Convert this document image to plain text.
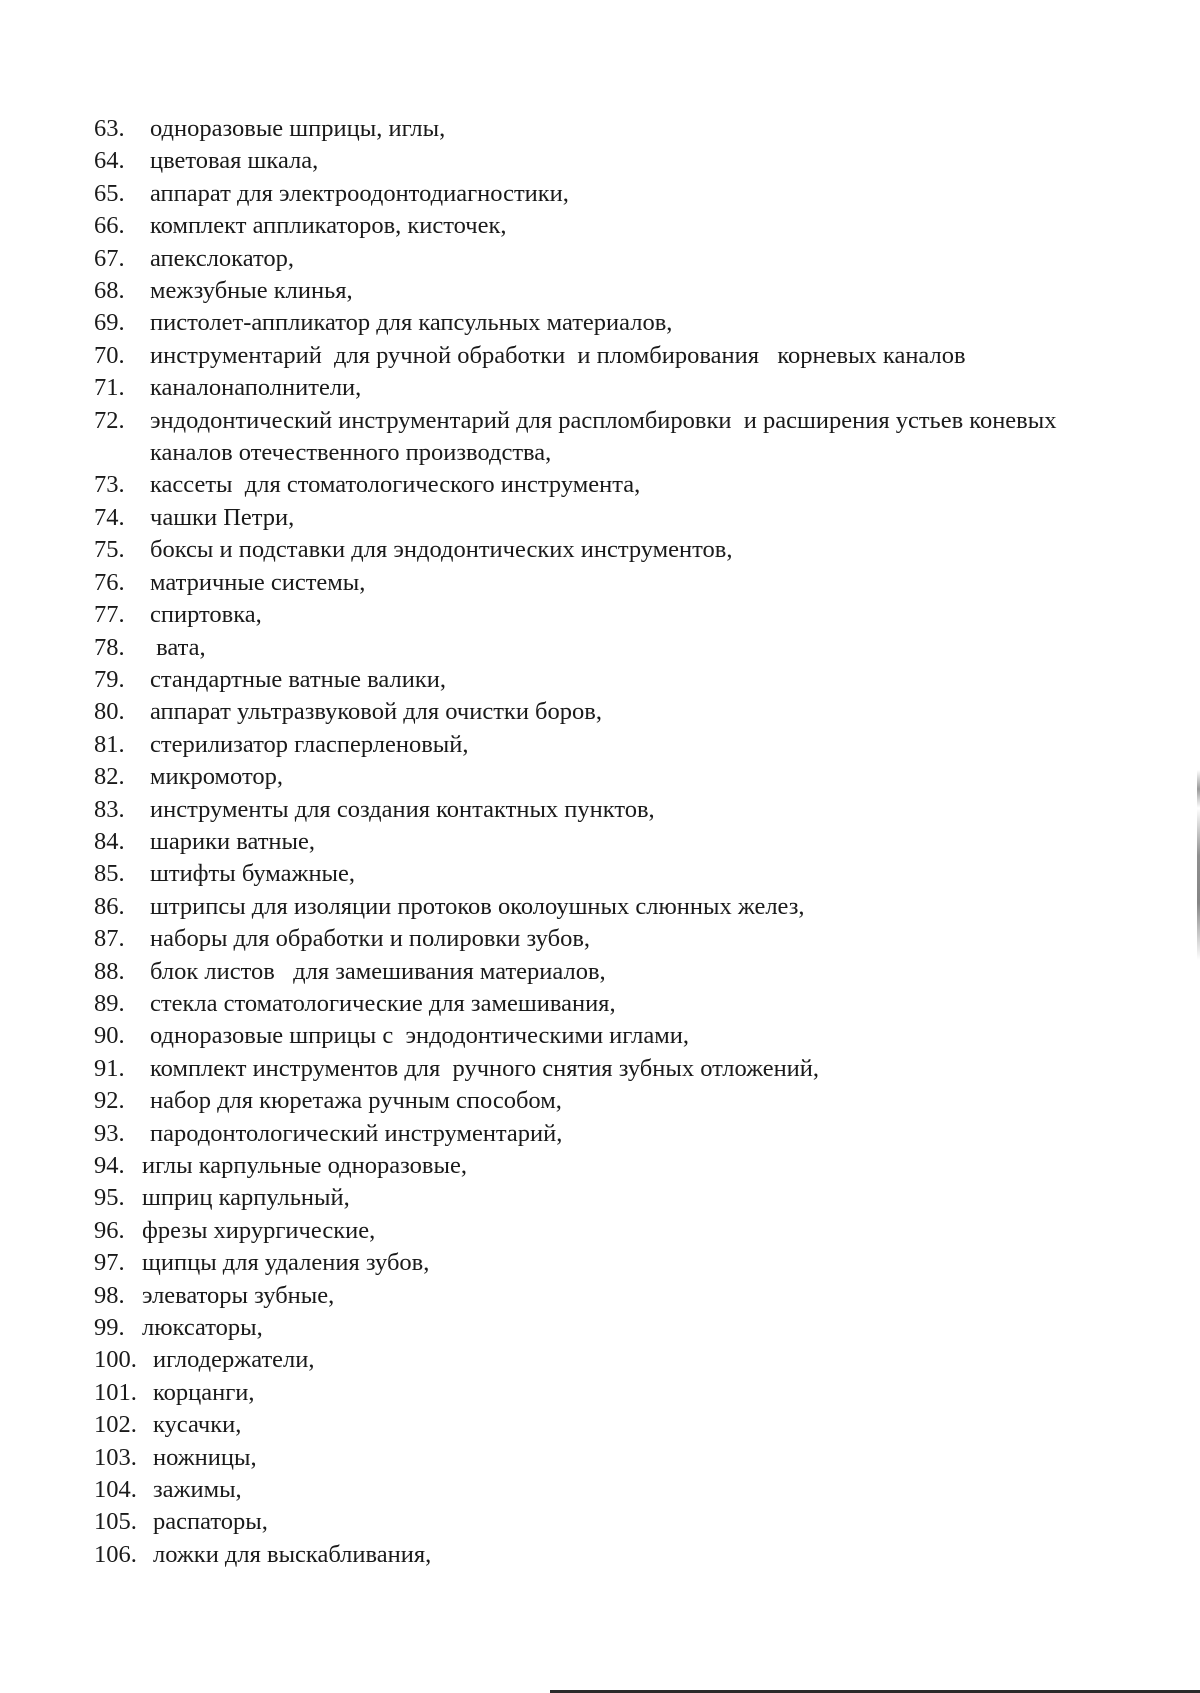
63. одноразовые шприцы, иглы,
64. цветовая шкала,
65. аппарат для электроодонтодиагностики,
66. комплект аппликаторов, кисточек,
67. апекслокатор,
68. межзубные клинья,
69. пистолет-аппликатор для капсульных материалов,
70. инструментарий  для ручной обработки  и пломбирования   корневых каналов
71. каналонаполнители,
72. эндодонтический инструментарий для распломбировки  и расширения устьев коневых каналов отечественного производства,
73. кассеты  для стоматологического инструмента,
74. чашки Петри,
75. боксы и подставки для эндодонтических инструментов,
76. матричные системы,
77. спиртовка,
78. вата,
79. стандартные ватные валики,
80. аппарат ультразвуковой для очистки боров,
81. стерилизатор гласперленовый,
82. микромотор,
83. инструменты для создания контактных пунктов,
84. шарики ватные,
85. штифты бумажные,
86. штрипсы для изоляции протоков околоушных слюнных желез,
87. наборы для обработки и полировки зубов,
88. блок листов   для замешивания материалов,
89. стекла стоматологические для замешивания,
90. одноразовые шприцы с  эндодонтическими иглами,
91. комплект инструментов для  ручного снятия зубных отложений,
92. набор для кюретажа ручным способом,
93. пародонтологический инструментарий,
94. иглы карпульные одноразовые,
95. шприц карпульный,
96. фрезы хирургические,
97. щипцы для удаления зубов,
98. элеваторы зубные,
99. люксаторы,
100. иглодержатели,
101. корцанги,
102. кусачки,
103. ножницы,
104. зажимы,
105. распаторы,
106. ложки для выскабливания,
